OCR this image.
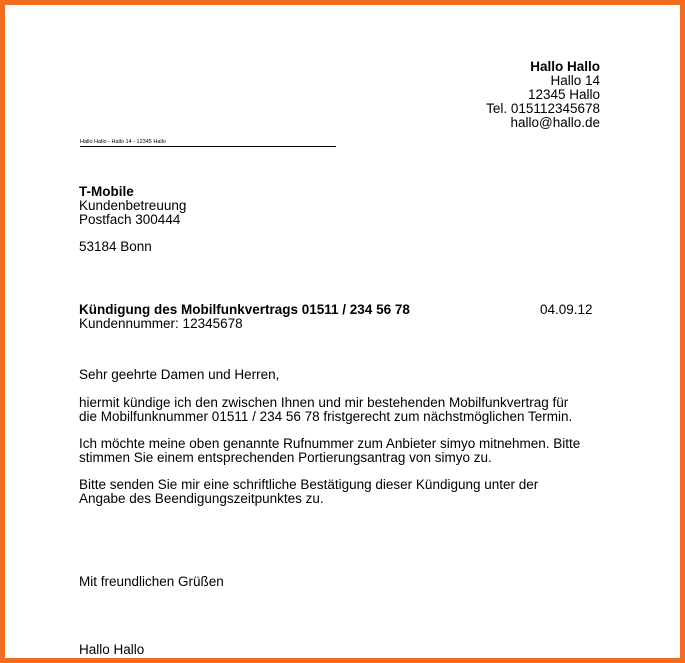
Hallo Hallo
Hallo 14
12345 Hallo
Tel. 015112345678
hallo@hallo.de
Hallo Hallo - Hallo 14 - 12345 Hallo
T-Mobile
Kundenbetreuung
Postfach 300444
53184 Bonn
Kündigung des Mobilfunkvertrags 01511 / 234 56 78
Kundennummer: 12345678
04.09.12
Sehr geehrte Damen und Herren,
hiermit kündige ich den zwischen Ihnen und mir bestehenden Mobilfunkvertrag für
die Mobilfunknummer 01511 / 234 56 78 fristgerecht zum nächstmöglichen Termin.
Ich möchte meine oben genannte Rufnummer zum Anbieter simyo mitnehmen. Bitte
stimmen Sie einem entsprechenden Portierungsantrag von simyo zu.
Bitte senden Sie mir eine schriftliche Bestätigung dieser Kündigung unter der
Angabe des Beendigungszeitpunktes zu.
Mit freundlichen Grüßen
Hallo Hallo
